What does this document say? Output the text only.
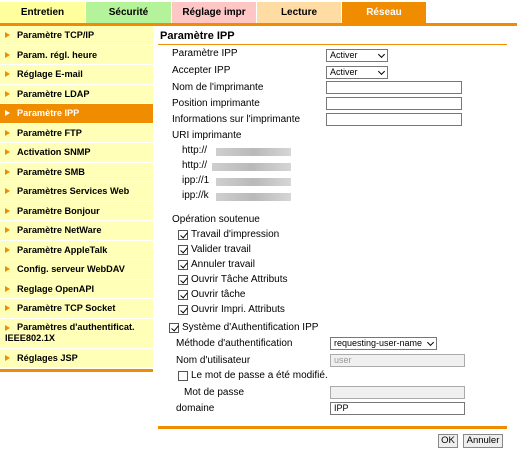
Entretien	Sécurité	Réglage impr	Lecture	Réseau
Paramètre TCP/IP
Param. régl. heure
Réglage E-mail
Paramètre LDAP
Paramètre IPP
Paramètre FTP
Activation SNMP
Paramètre SMB
Paramètres Services Web
Paramètre Bonjour
Paramètre NetWare
Paramètre AppleTalk
Config. serveur WebDAV
Reglage OpenAPI
Paramètre TCP Socket
Paramètres d'authentificat.
IEEE802.1X
Réglages JSP
Paramètre IPP
Paramètre IPP	Activer
Accepter IPP	Activer
Nom de l'imprimante
Position imprimante
Informations sur l'imprimante
URI imprimante
http://
http://
ipp://1
ipp://k
Opération soutenue
Travail d'impression
Valider travail
Annuler travail
Ouvrir Tâche Attributs
Ouvrir tâche
Ouvrir Impri. Attributs
Système d'Authentification IPP
Méthode d'authentification	requesting-user-name
Nom d'utilisateur	user
Le mot de passe a été modifié.
Mot de passe
domaine	IPP
OK	Annuler
